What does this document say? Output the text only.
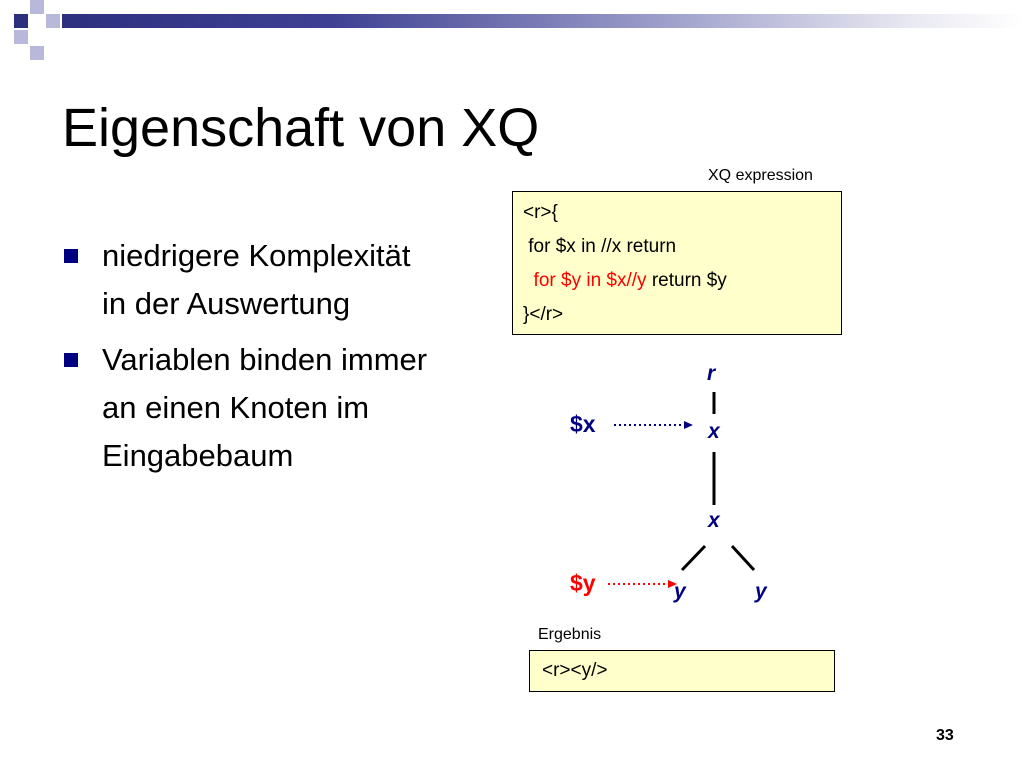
Eigenschaft von XQ
niedrigere Komplexität in der Auswertung
Variablen binden immer an einen Knoten im Eingabebaum
XQ expression
<r>{
for $x in //x return
for $y in $x//y return $y
}</r>
r
x
x
y	y
$x
$y
Ergebnis
<r><y/>
33
